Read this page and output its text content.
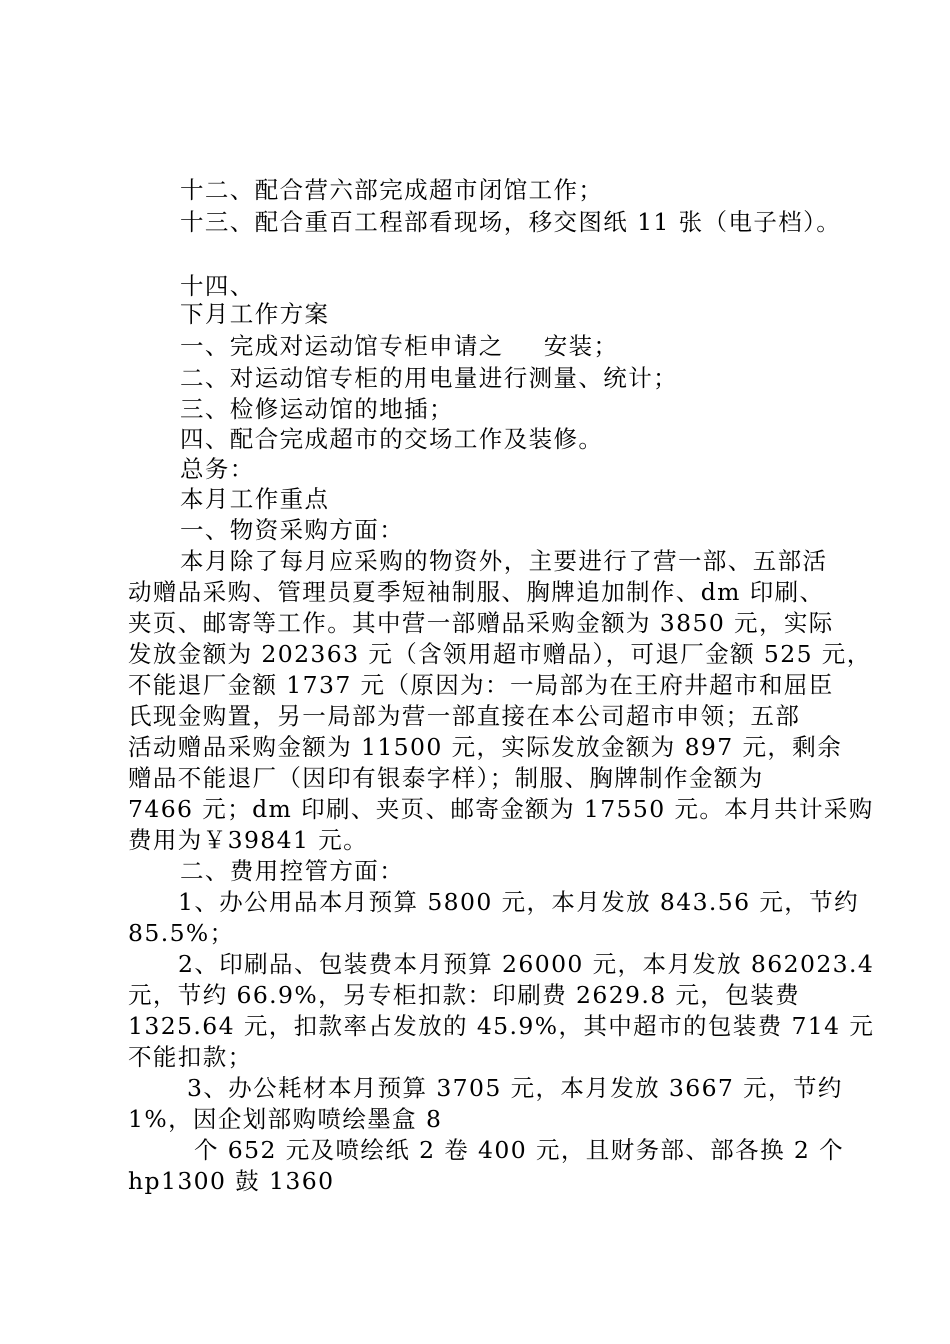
十二、配合营六部完成超市闭馆工作；

十三、配合重百工程部看现场，移交图纸 11 张（电子档）。

十四、

下月工作方案

一、完成对运动馆专柜申请之 安装；

二、对运动馆专柜的用电量进行测量、统计；

三、检修运动馆的地插；

四、配合完成超市的交场工作及装修。

总务：

本月工作重点

一、物资采购方面：

本月除了每月应采购的物资外，主要进行了营一部、五部活

动赠品采购、管理员夏季短袖制服、胸牌追加制作、dm 印刷、

夹页、邮寄等工作。其中营一部赠品采购金额为 3850 元，实际

发放金额为 202363 元（含领用超市赠品），可退厂金额 525 元，

不能退厂金额 1737 元（原因为：一局部为在王府井超市和屈臣

氏现金购置，另一局部为营一部直接在本公司超市申领；五部

活动赠品采购金额为 11500 元，实际发放金额为 897 元，剩余

赠品不能退厂（因印有银泰字样）；制服、胸牌制作金额为

7466 元；dm 印刷、夹页、邮寄金额为 17550 元。本月共计采购

费用为￥39841 元。

二、费用控管方面：

1、办公用品本月预算 5800 元，本月发放 843.56 元，节约

85.5%；

2、印刷品、包装费本月预算 26000 元，本月发放 862023.4

元，节约 66.9%，另专柜扣款：印刷费 2629.8 元，包装费

1325.64 元，扣款率占发放的 45.9%，其中超市的包装费 714 元

不能扣款；

3、办公耗材本月预算 3705 元，本月发放 3667 元，节约

1%，因企划部购喷绘墨盒 8

个 652 元及喷绘纸 2 卷 400 元，且财务部、部各换 2 个

hp1300 鼓 1360
